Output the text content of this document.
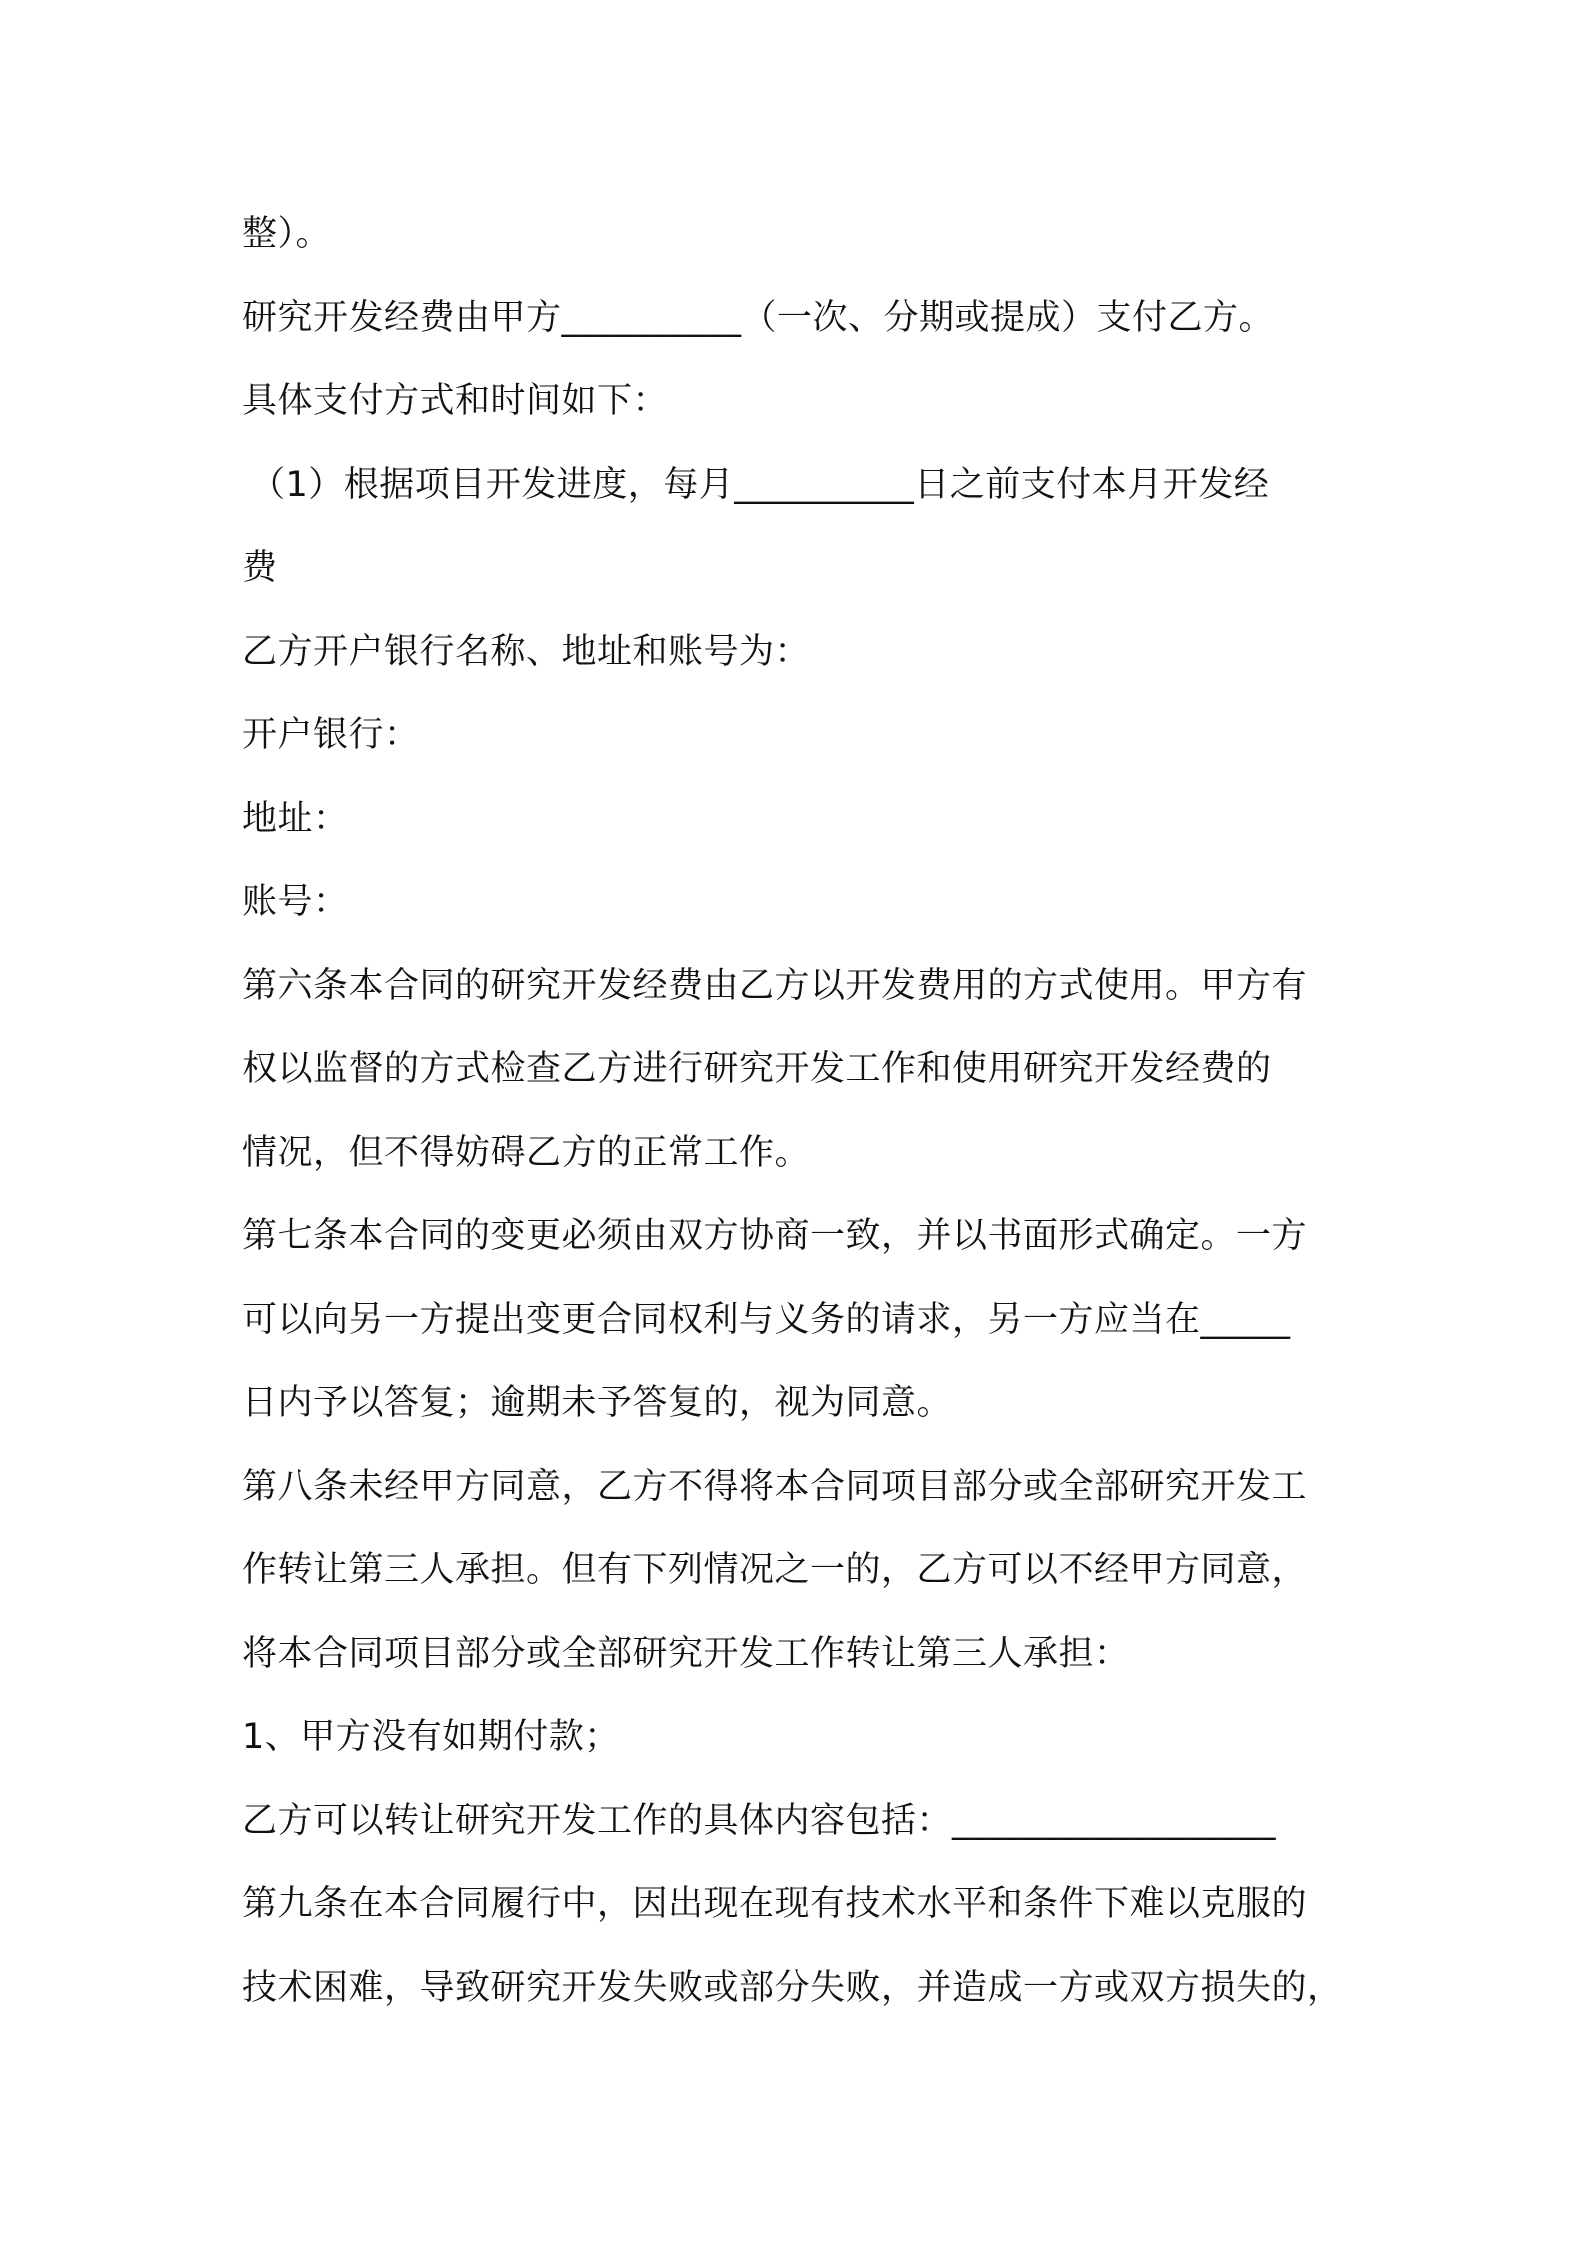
整）。
研究开发经费由甲方__________（一次、分期或提成）支付乙方。
具体支付方式和时间如下：
（1）根据项目开发进度，每月__________日之前支付本月开发经
费
乙方开户银行名称、地址和账号为：
开户银行：
地址：
账号：
第六条本合同的研究开发经费由乙方以开发费用的方式使用。甲方有
权以监督的方式检查乙方进行研究开发工作和使用研究开发经费的
情况，但不得妨碍乙方的正常工作。
第七条本合同的变更必须由双方协商一致，并以书面形式确定。一方
可以向另一方提出变更合同权利与义务的请求，另一方应当在_____
日内予以答复；逾期未予答复的，视为同意。
第八条未经甲方同意，乙方不得将本合同项目部分或全部研究开发工
作转让第三人承担。但有下列情况之一的，乙方可以不经甲方同意，
将本合同项目部分或全部研究开发工作转让第三人承担：
1、甲方没有如期付款；
乙方可以转让研究开发工作的具体内容包括：__________________
第九条在本合同履行中，因出现在现有技术水平和条件下难以克服的
技术困难，导致研究开发失败或部分失败，并造成一方或双方损失的，
